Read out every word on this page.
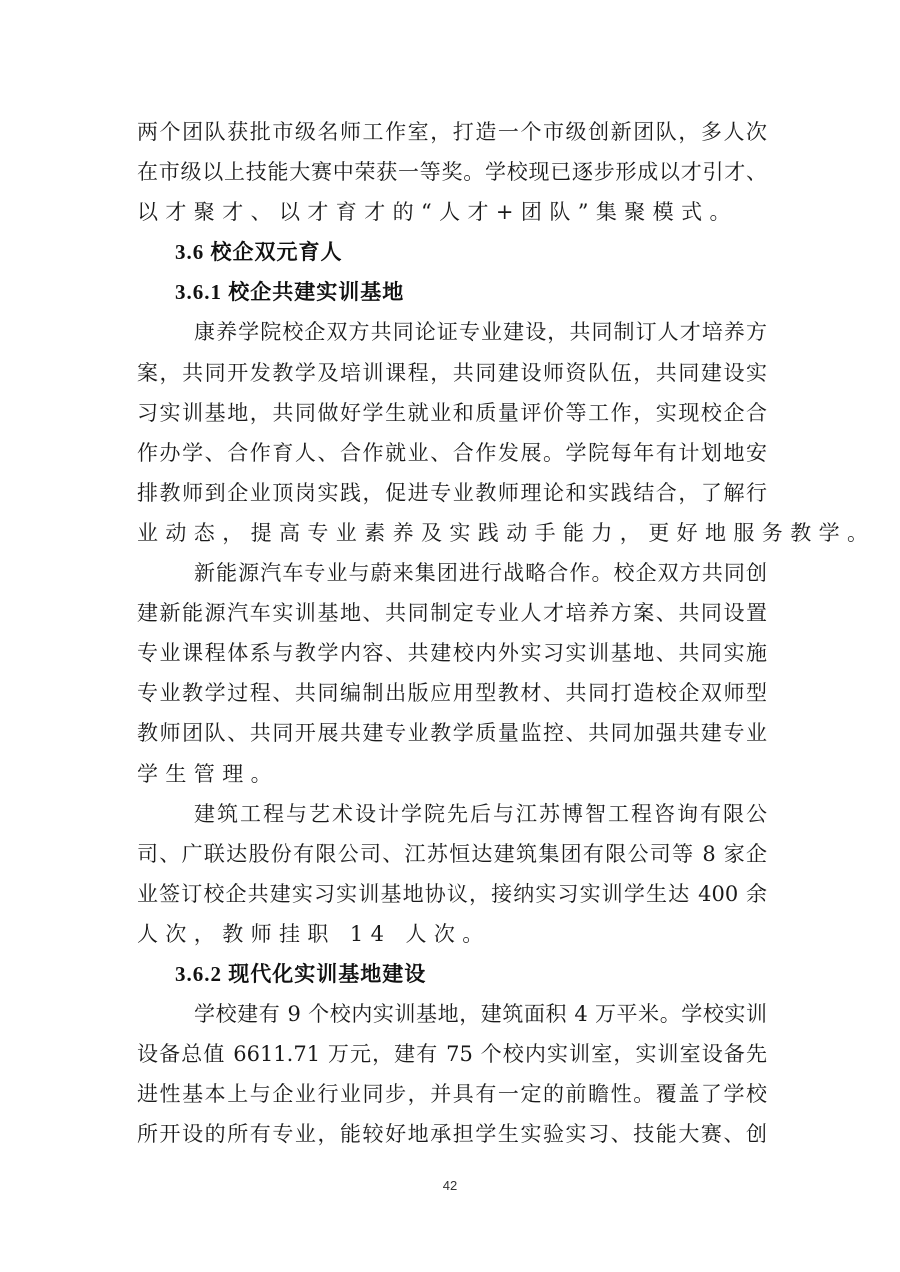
两个团队获批市级名师工作室，打造一个市级创新团队，多人次
在市级以上技能大赛中荣获一等奖。学校现已逐步形成以才引才、
以才聚才、以才育才的“人才+团队”集聚模式。
3.6 校企双元育人
3.6.1 校企共建实训基地
康养学院校企双方共同论证专业建设，共同制订人才培养方
案，共同开发教学及培训课程，共同建设师资队伍，共同建设实
习实训基地，共同做好学生就业和质量评价等工作，实现校企合
作办学、合作育人、合作就业、合作发展。学院每年有计划地安
排教师到企业顶岗实践，促进专业教师理论和实践结合，了解行
业动态，提高专业素养及实践动手能力，更好地服务教学。
新能源汽车专业与蔚来集团进行战略合作。校企双方共同创
建新能源汽车实训基地、共同制定专业人才培养方案、共同设置
专业课程体系与教学内容、共建校内外实习实训基地、共同实施
专业教学过程、共同编制出版应用型教材、共同打造校企双师型
教师团队、共同开展共建专业教学质量监控、共同加强共建专业
学生管理。
建筑工程与艺术设计学院先后与江苏博智工程咨询有限公
司、广联达股份有限公司、江苏恒达建筑集团有限公司等 8 家企
业签订校企共建实习实训基地协议，接纳实习实训学生达 400 余
人次，教师挂职 14 人次。
3.6.2 现代化实训基地建设
学校建有 9 个校内实训基地，建筑面积 4 万平米。学校实训
设备总值 6611.71 万元，建有 75 个校内实训室，实训室设备先
进性基本上与企业行业同步，并具有一定的前瞻性。覆盖了学校
所开设的所有专业，能较好地承担学生实验实习、技能大赛、创
42
